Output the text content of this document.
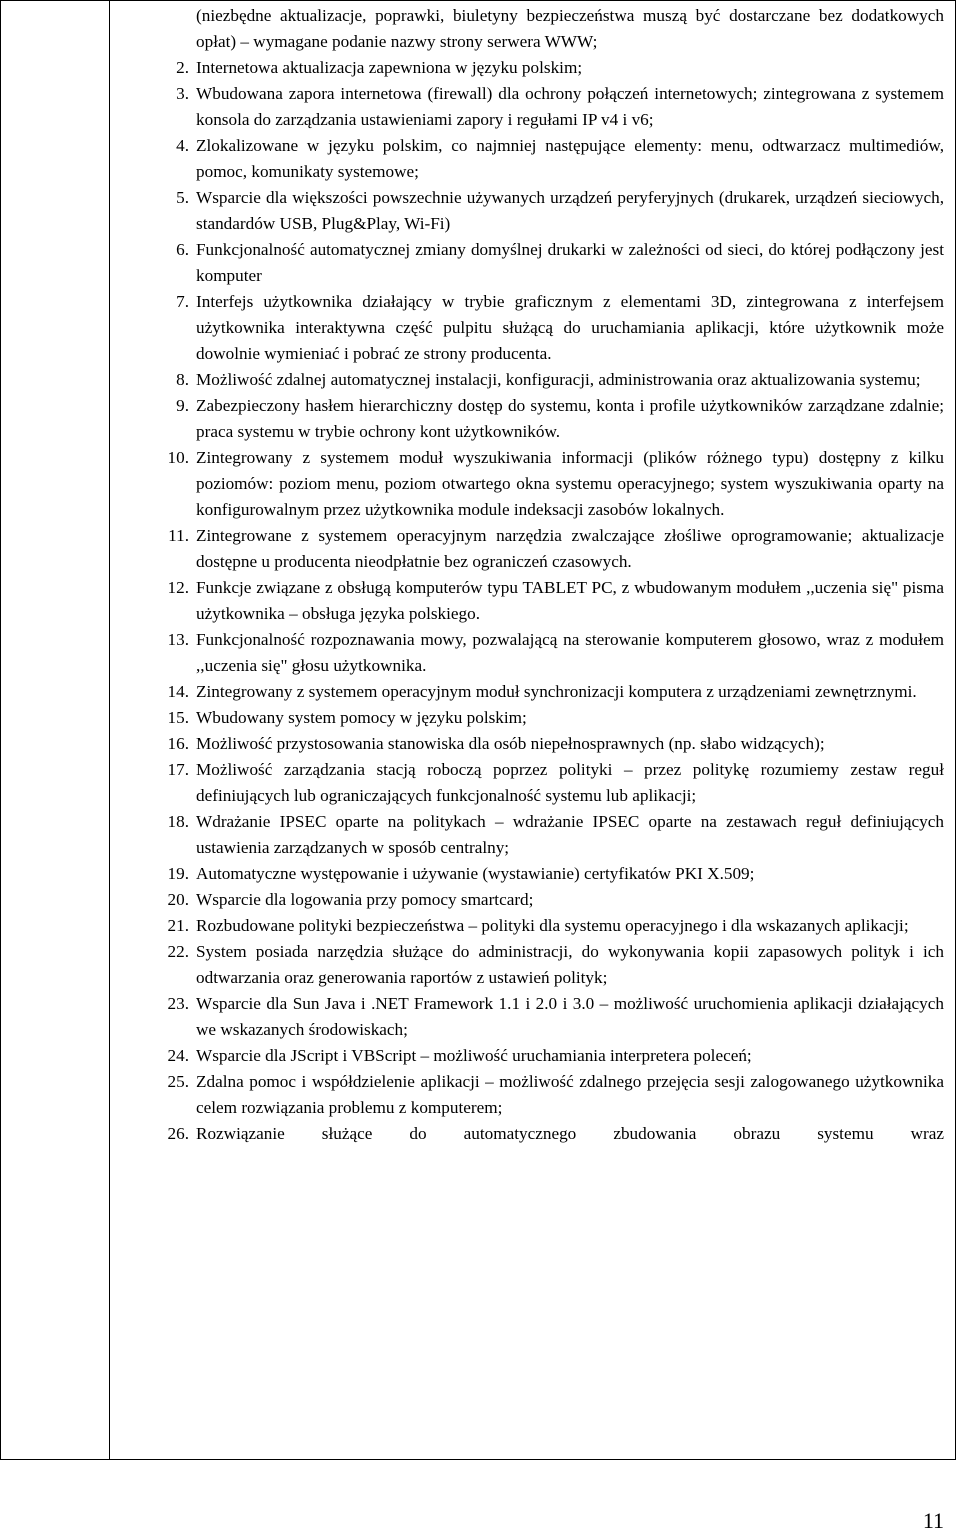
(niezbędne aktualizacje, poprawki, biuletyny bezpieczeństwa muszą być dostarczane bez dodatkowych opłat) – wymagane podanie nazwy strony serwera WWW;
2. Internetowa aktualizacja zapewniona w języku polskim;
3. Wbudowana zapora internetowa (firewall) dla ochrony połączeń internetowych; zintegrowana z systemem konsola do zarządzania ustawieniami zapory i regułami IP v4 i v6;
4. Zlokalizowane w języku polskim, co najmniej następujące elementy: menu, odtwarzacz multimediów, pomoc, komunikaty systemowe;
5. Wsparcie dla większości powszechnie używanych urządzeń peryferyjnych (drukarek, urządzeń sieciowych, standardów USB, Plug&Play, Wi-Fi)
6. Funkcjonalność automatycznej zmiany domyślnej drukarki w zależności od sieci, do której podłączony jest komputer
7. Interfejs użytkownika działający w trybie graficznym z elementami 3D, zintegrowana z interfejsem użytkownika interaktywna część pulpitu służącą do uruchamiania aplikacji, które użytkownik może dowolnie wymieniać i pobrać ze strony producenta.
8. Możliwość zdalnej automatycznej instalacji, konfiguracji, administrowania oraz aktualizowania systemu;
9. Zabezpieczony hasłem hierarchiczny dostęp do systemu, konta i profile użytkowników zarządzane zdalnie; praca systemu w trybie ochrony kont użytkowników.
10. Zintegrowany z systemem moduł wyszukiwania informacji (plików różnego typu) dostępny z kilku poziomów: poziom menu, poziom otwartego okna systemu operacyjnego; system wyszukiwania oparty na konfigurowalnym przez użytkownika module indeksacji zasobów lokalnych.
11. Zintegrowane z systemem operacyjnym narzędzia zwalczające złośliwe oprogramowanie; aktualizacje dostępne u producenta nieodpłatnie bez ograniczeń czasowych.
12. Funkcje związane z obsługą komputerów typu TABLET PC, z wbudowanym modułem ,,uczenia się" pisma użytkownika – obsługa języka polskiego.
13. Funkcjonalność rozpoznawania mowy, pozwalającą na sterowanie komputerem głosowo, wraz z modułem ,,uczenia się" głosu użytkownika.
14. Zintegrowany z systemem operacyjnym moduł synchronizacji komputera z urządzeniami zewnętrznymi.
15. Wbudowany system pomocy w języku polskim;
16. Możliwość przystosowania stanowiska dla osób niepełnosprawnych (np. słabo widzących);
17. Możliwość zarządzania stacją roboczą poprzez polityki – przez politykę rozumiemy zestaw reguł definiujących lub ograniczających funkcjonalność systemu lub aplikacji;
18. Wdrażanie IPSEC oparte na politykach – wdrażanie IPSEC oparte na zestawach reguł definiujących ustawienia zarządzanych w sposób centralny;
19. Automatyczne występowanie i używanie (wystawianie) certyfikatów PKI X.509;
20. Wsparcie dla logowania przy pomocy smartcard;
21. Rozbudowane polityki bezpieczeństwa – polityki dla systemu operacyjnego i dla wskazanych aplikacji;
22. System posiada narzędzia służące do administracji, do wykonywania kopii zapasowych polityk i ich odtwarzania oraz generowania raportów z ustawień polityk;
23. Wsparcie dla Sun Java i .NET Framework 1.1 i 2.0 i 3.0 – możliwość uruchomienia aplikacji działających we wskazanych środowiskach;
24. Wsparcie dla JScript i VBScript – możliwość uruchamiania interpretera poleceń;
25. Zdalna pomoc i współdzielenie aplikacji – możliwość zdalnego przejęcia sesji zalogowanego użytkownika celem rozwiązania problemu z komputerem;
26. Rozwiązanie służące do automatycznego zbudowania obrazu systemu wraz
11
